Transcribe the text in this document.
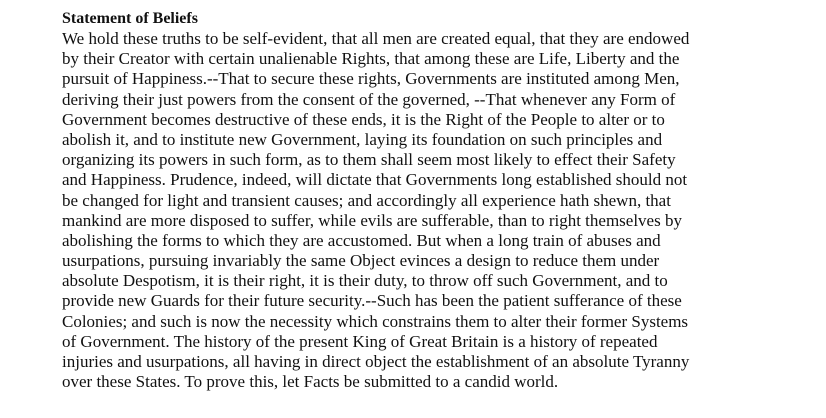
Statement of Beliefs
We hold these truths to be self-evident, that all men are created equal, that they are endowed
by their Creator with certain unalienable Rights, that among these are Life, Liberty and the
pursuit of Happiness.--That to secure these rights, Governments are instituted among Men,
deriving their just powers from the consent of the governed, --That whenever any Form of
Government becomes destructive of these ends, it is the Right of the People to alter or to
abolish it, and to institute new Government, laying its foundation on such principles and
organizing its powers in such form, as to them shall seem most likely to effect their Safety
and Happiness. Prudence, indeed, will dictate that Governments long established should not
be changed for light and transient causes; and accordingly all experience hath shewn, that
mankind are more disposed to suffer, while evils are sufferable, than to right themselves by
abolishing the forms to which they are accustomed. But when a long train of abuses and
usurpations, pursuing invariably the same Object evinces a design to reduce them under
absolute Despotism, it is their right, it is their duty, to throw off such Government, and to
provide new Guards for their future security.--Such has been the patient sufferance of these
Colonies; and such is now the necessity which constrains them to alter their former Systems
of Government. The history of the present King of Great Britain is a history of repeated
injuries and usurpations, all having in direct object the establishment of an absolute Tyranny
over these States. To prove this, let Facts be submitted to a candid world.
